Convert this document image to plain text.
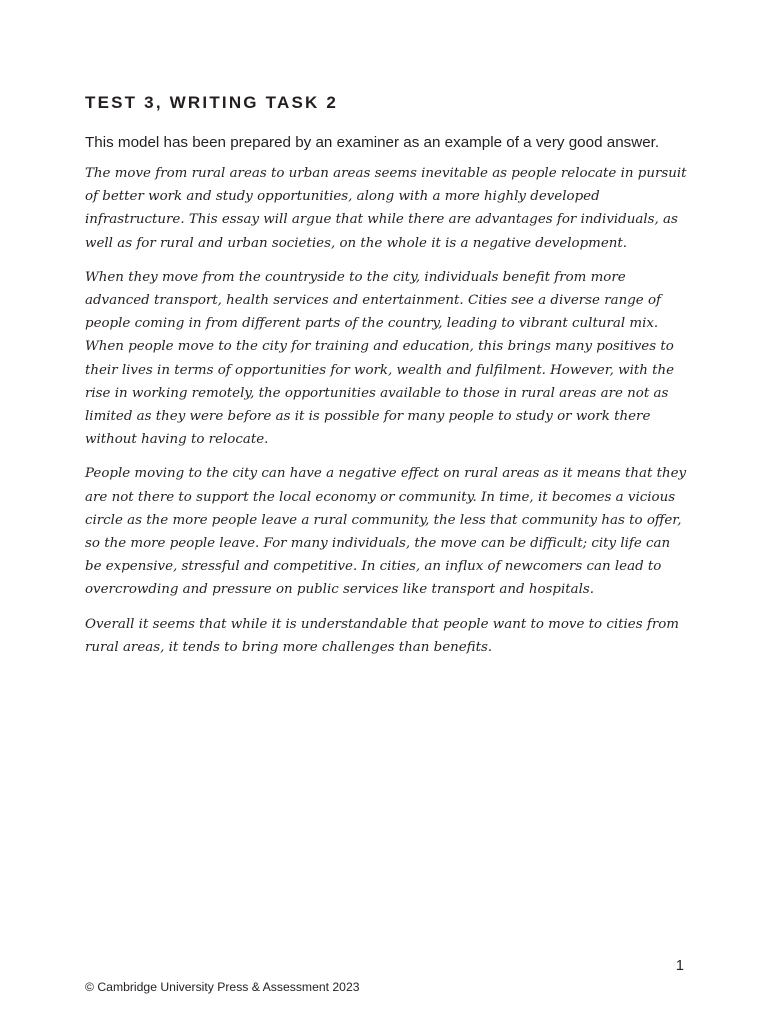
TEST 3, WRITING TASK 2

This model has been prepared by an examiner as an example of a very good answer.

The move from rural areas to urban areas seems inevitable as people relocate in pursuit of better work and study opportunities, along with a more highly developed infrastructure. This essay will argue that while there are advantages for individuals, as well as for rural and urban societies, on the whole it is a negative development.

When they move from the countryside to the city, individuals benefit from more advanced transport, health services and entertainment. Cities see a diverse range of people coming in from different parts of the country, leading to vibrant cultural mix. When people move to the city for training and education, this brings many positives to their lives in terms of opportunities for work, wealth and fulfilment. However, with the rise in working remotely, the opportunities available to those in rural areas are not as limited as they were before as it is possible for many people to study or work there without having to relocate.

People moving to the city can have a negative effect on rural areas as it means that they are not there to support the local economy or community. In time, it becomes a vicious circle as the more people leave a rural community, the less that community has to offer, so the more people leave. For many individuals, the move can be difficult; city life can be expensive, stressful and competitive. In cities, an influx of newcomers can lead to overcrowding and pressure on public services like transport and hospitals.

Overall it seems that while it is understandable that people want to move to cities from rural areas, it tends to bring more challenges than benefits.

1
© Cambridge University Press & Assessment 2023
